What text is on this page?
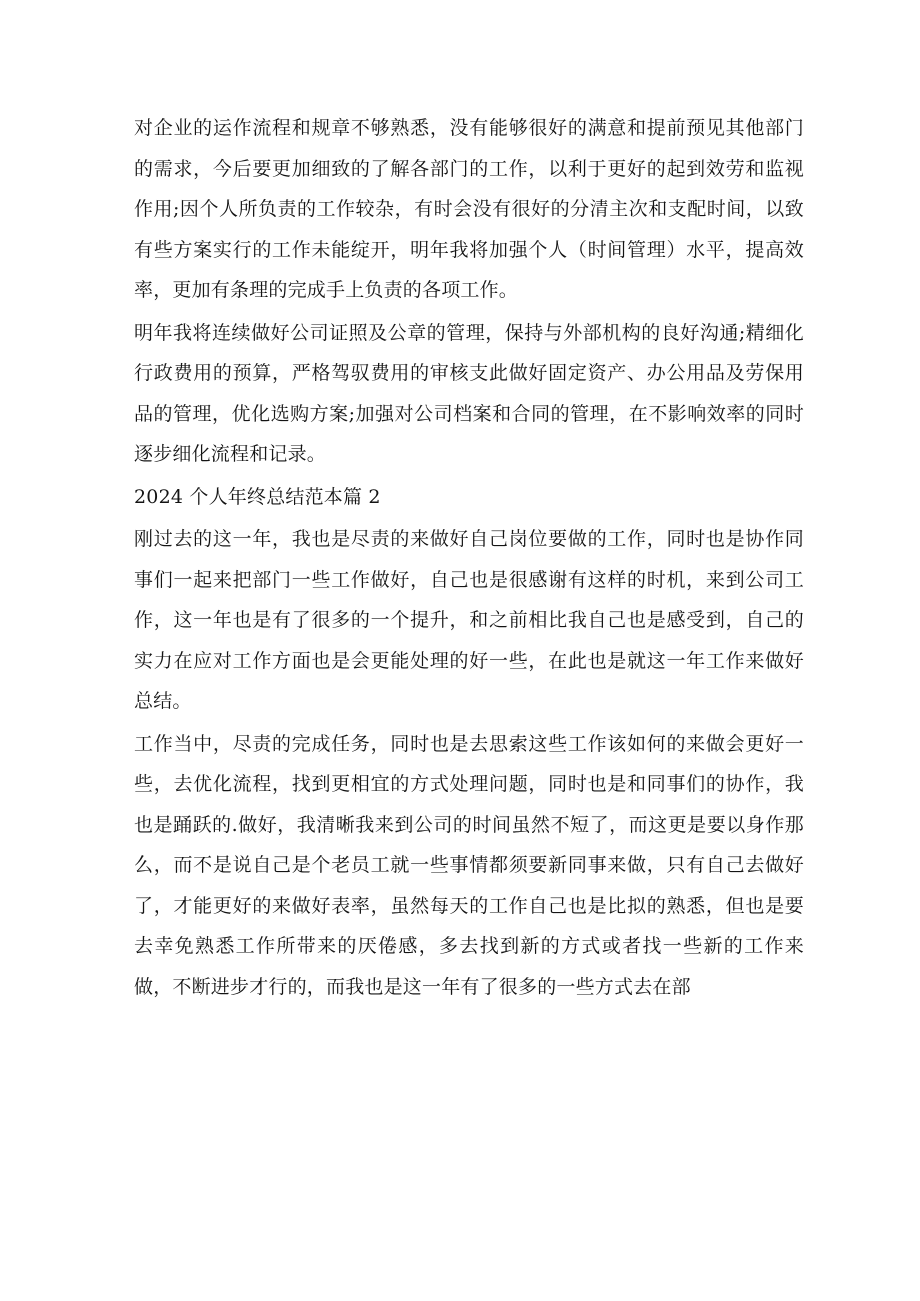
对企业的运作流程和规章不够熟悉，没有能够很好的满意和提前预见其他部门的需求，今后要更加细致的了解各部门的工作，以利于更好的起到效劳和监视作用;因个人所负责的工作较杂，有时会没有很好的分清主次和支配时间，以致有些方案实行的工作未能绽开，明年我将加强个人（时间管理）水平，提高效率，更加有条理的完成手上负责的各项工作。

明年我将连续做好公司证照及公章的管理，保持与外部机构的良好沟通;精细化行政费用的预算，严格驾驭费用的审核支此做好固定资产、办公用品及劳保用品的管理，优化选购方案;加强对公司档案和合同的管理，在不影响效率的同时逐步细化流程和记录。

2024 个人年终总结范本篇 2

刚过去的这一年，我也是尽责的来做好自己岗位要做的工作，同时也是协作同事们一起来把部门一些工作做好，自己也是很感谢有这样的时机，来到公司工作，这一年也是有了很多的一个提升，和之前相比我自己也是感受到，自己的实力在应对工作方面也是会更能处理的好一些，在此也是就这一年工作来做好总结。

工作当中，尽责的完成任务，同时也是去思索这些工作该如何的来做会更好一些，去优化流程，找到更相宜的方式处理问题，同时也是和同事们的协作，我也是踊跃的.做好，我清晰我来到公司的时间虽然不短了，而这更是要以身作那么，而不是说自己是个老员工就一些事情都须要新同事来做，只有自己去做好了，才能更好的来做好表率，虽然每天的工作自己也是比拟的熟悉，但也是要去幸免熟悉工作所带来的厌倦感，多去找到新的方式或者找一些新的工作来做，不断进步才行的，而我也是这一年有了很多的一些方式去在部
